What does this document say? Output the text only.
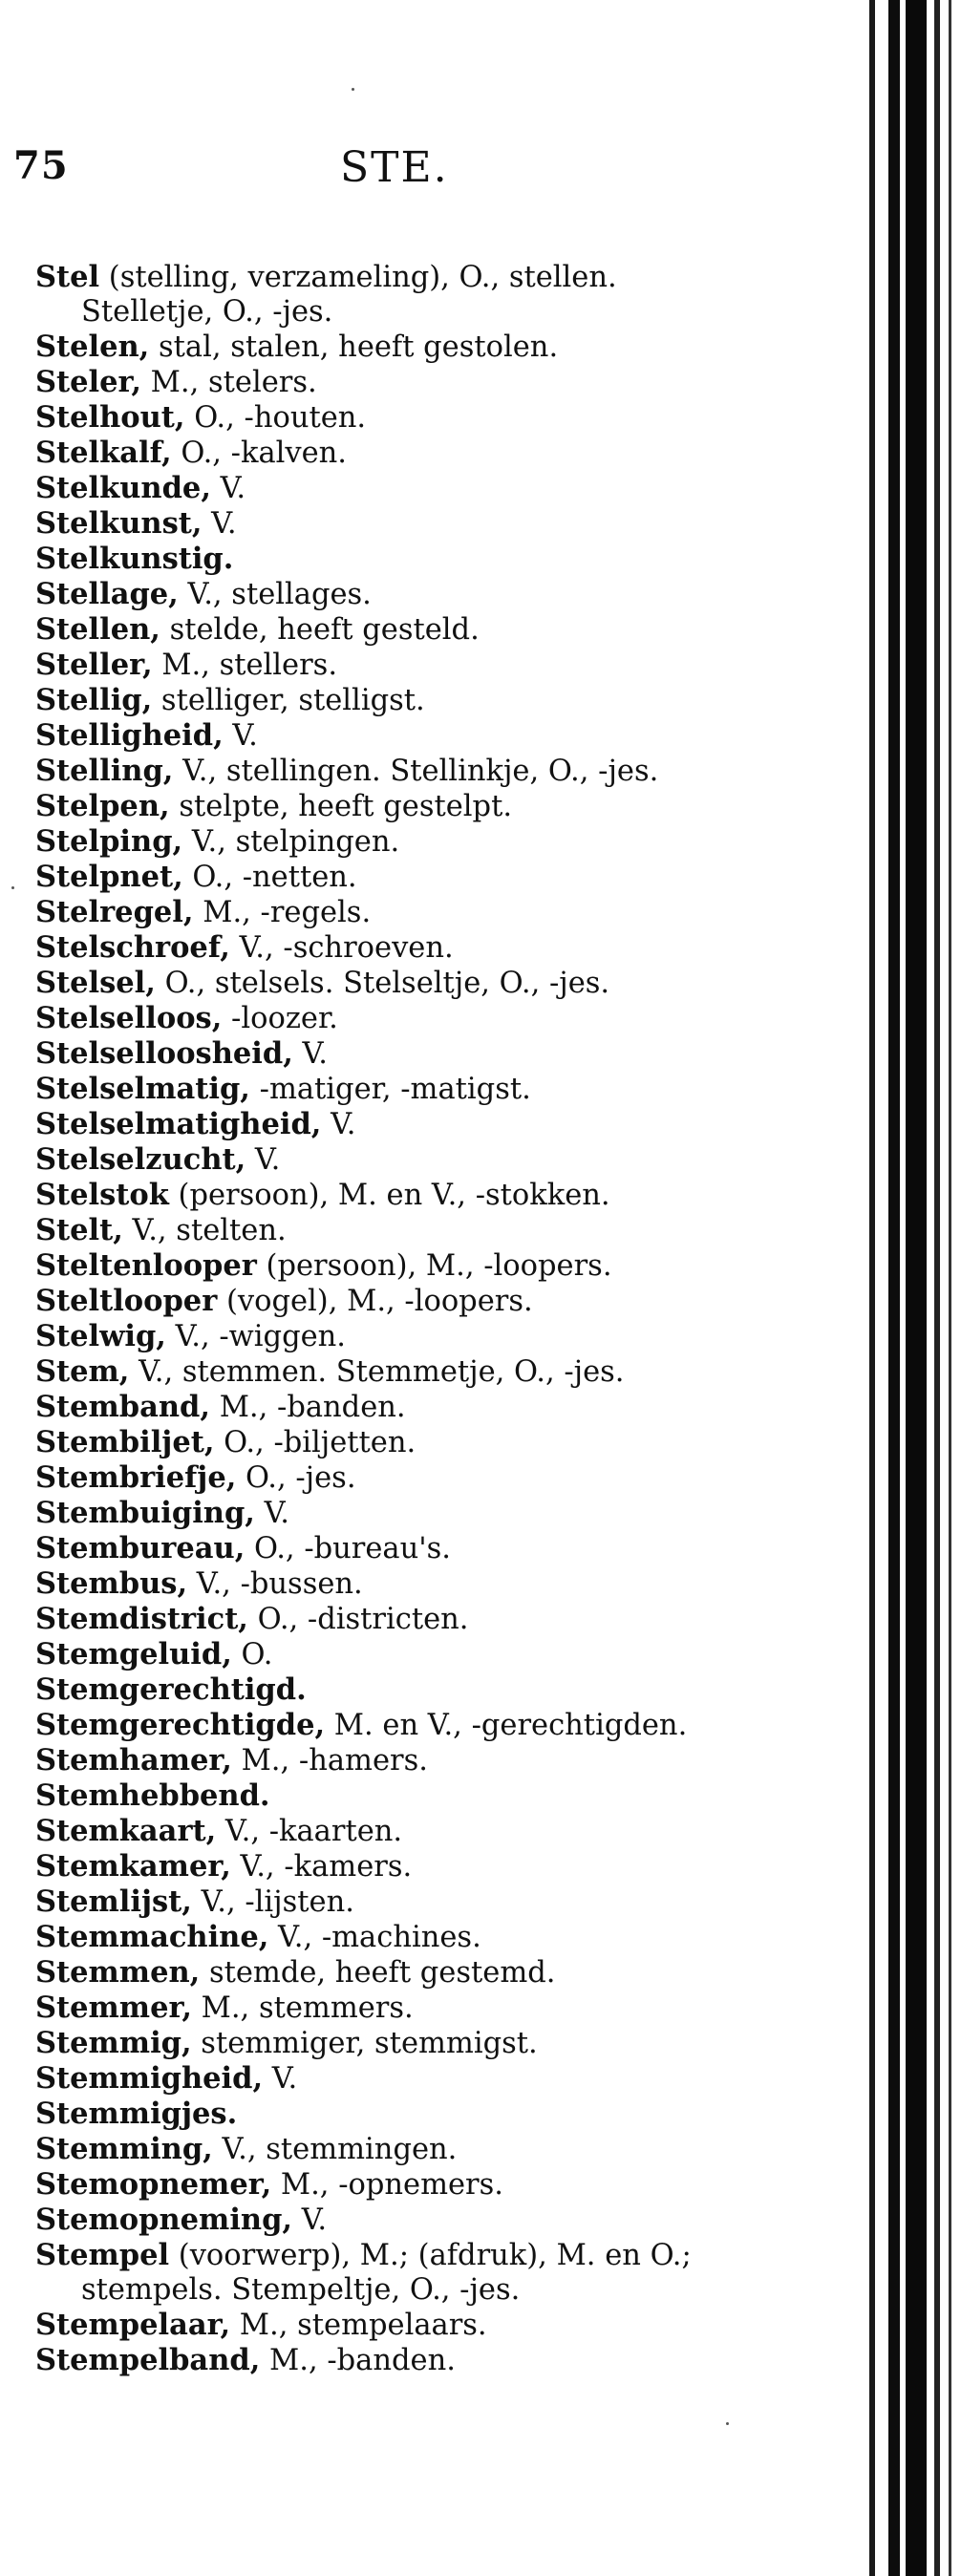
75	STE.
Stel (stelling, verzameling), O., stellen. Stelletje, O., -jes.
Stelen, stal, stalen, heeft gestolen.
Steler, M., stelers.
Stelhout, O., -houten.
Stelkalf, O., -kalven.
Stelkunde, V.
Stelkunst, V.
Stelkunstig.
Stellage, V., stellages.
Stellen, stelde, heeft gesteld.
Steller, M., stellers.
Stellig, stelliger, stelligst.
Stelligheid, V.
Stelling, V., stellingen. Stellinkje, O., -jes.
Stelpen, stelpte, heeft gestelpt.
Stelping, V., stelpingen.
Stelpnet, O., -netten.
Stelregel, M., -regels.
Stelschroef, V., -schroeven.
Stelsel, O., stelsels. Stelseltje, O., -jes.
Stelselloos, -loozer.
Stelselloosheid, V.
Stelselmatig, -matiger, -matigst.
Stelselmatigheid, V.
Stelselzucht, V.
Stelstok (persoon), M. en V., -stokken.
Stelt, V., stelten.
Steltenlooper (persoon), M., -loopers.
Steltlooper (vogel), M., -loopers.
Stelwig, V., -wiggen.
Stem, V., stemmen. Stemmetje, O., -jes.
Stemband, M., -banden.
Stembiljet, O., -biljetten.
Stembriefje, O., -jes.
Stembuiging, V.
Stembureau, O., -bureau's.
Stembus, V., -bussen.
Stemdistrict, O., -districten.
Stemgeluid, O.
Stemgerechtigd.
Stemgerechtigde, M. en V., -gerechtigden.
Stemhamer, M., -hamers.
Stemhebbend.
Stemkaart, V., -kaarten.
Stemkamer, V., -kamers.
Stemlijst, V., -lijsten.
Stemmachine, V., -machines.
Stemmen, stemde, heeft gestemd.
Stemmer, M., stemmers.
Stemmig, stemmiger, stemmigst.
Stemmigheid, V.
Stemmigjes.
Stemming, V., stemmingen.
Stemopnemer, M., -opnemers.
Stemopneming, V.
Stempel (voorwerp), M.; (afdruk), M. en O.; stempels. Stempeltje, O., -jes.
Stempelaar, M., stempelaars.
Stempelband, M., -banden.
